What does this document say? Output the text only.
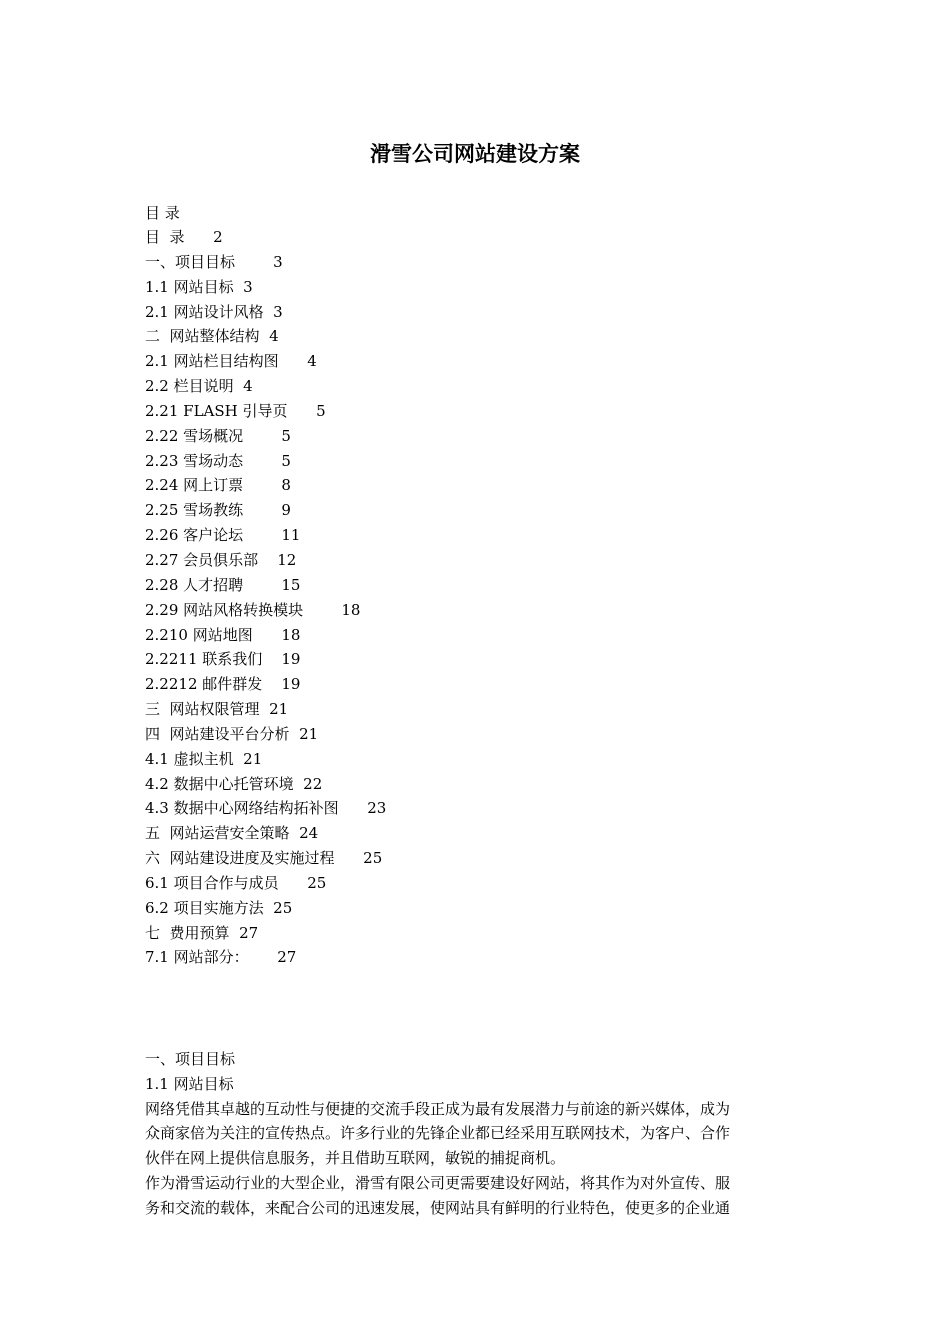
滑雪公司网站建设方案
目 录
目  录 2
一、项目目标	3
1.1 网站目标 3
2.1 网站设计风格 3
二  网站整体结构 4
2.1 网站栏目结构图 4
2.2 栏目说明 4
2.21 FLASH 引导页 5
2.22 雪场概况	5
2.23 雪场动态	5
2.24 网上订票	8
2.25 雪场教练	9
2.26 客户论坛	11
2.27 会员俱乐部 12
2.28 人才招聘	15
2.29 网站风格转换模块	18
2.210 网站地图 18
2.2211 联系我们 19
2.2212 邮件群发 19
三  网站权限管理 21
四  网站建设平台分析 21
4.1 虚拟主机 21
4.2 数据中心托管环境 22
4.3 数据中心网络结构拓补图 23
五  网站运营安全策略 24
六  网站建设进度及实施过程 25
6.1 项目合作与成员 25
6.2 项目实施方法 25
七  费用预算 27
7.1 网站部分： 27
一、项目目标
1.1 网站目标
网络凭借其卓越的互动性与便捷的交流手段正成为最有发展潜力与前途的新兴媒体，成为
众商家倍为关注的宣传热点。许多行业的先锋企业都已经采用互联网技术，为客户、合作
伙伴在网上提供信息服务，并且借助互联网，敏锐的捕捉商机。
作为滑雪运动行业的大型企业，滑雪有限公司更需要建设好网站，将其作为对外宣传、服
务和交流的载体，来配合公司的迅速发展，使网站具有鲜明的行业特色，使更多的企业通
